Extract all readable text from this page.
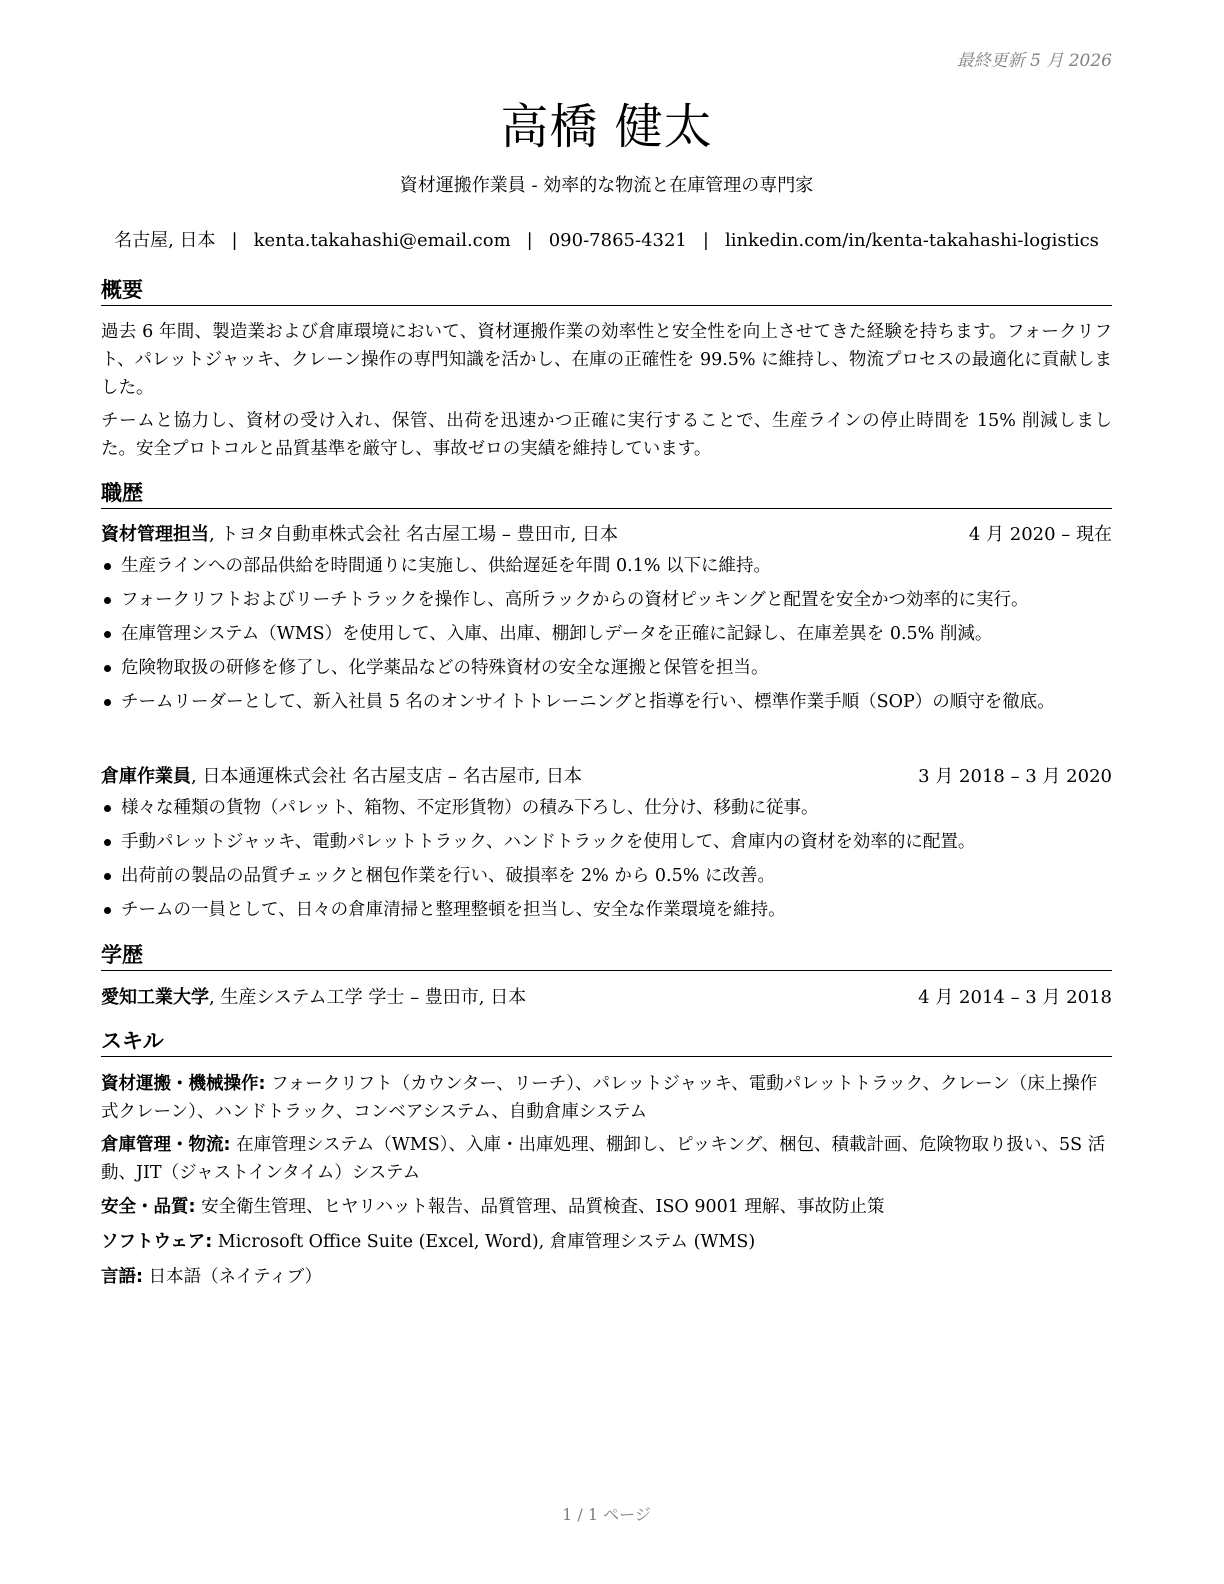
最終更新 5 月 2026
高橋 健太
資材運搬作業員 - 効率的な物流と在庫管理の専門家
名古屋, 日本 | kenta.takahashi@email.com | 090-7865-4321 | linkedin.com/in/kenta-takahashi-logistics
概要
過去 6 年間、製造業および倉庫環境において、資材運搬作業の効率性と安全性を向上させてきた経験を持ちます。フォークリフト、パレットジャッキ、クレーン操作の専門知識を活かし、在庫の正確性を 99.5% に維持し、物流プロセスの最適化に貢献しました。
チームと協力し、資材の受け入れ、保管、出荷を迅速かつ正確に実行することで、生産ラインの停止時間を 15% 削減しました。安全プロトコルと品質基準を厳守し、事故ゼロの実績を維持しています。
職歴
資材管理担当, トヨタ自動車株式会社 名古屋工場 – 豊田市, 日本	4 月 2020 – 現在
生産ラインへの部品供給を時間通りに実施し、供給遅延を年間 0.1% 以下に維持。
フォークリフトおよびリーチトラックを操作し、高所ラックからの資材ピッキングと配置を安全かつ効率的に実行。
在庫管理システム（WMS）を使用して、入庫、出庫、棚卸しデータを正確に記録し、在庫差異を 0.5% 削減。
危険物取扱の研修を修了し、化学薬品などの特殊資材の安全な運搬と保管を担当。
チームリーダーとして、新入社員 5 名のオンサイトトレーニングと指導を行い、標準作業手順（SOP）の順守を徹底。
倉庫作業員, 日本通運株式会社 名古屋支店 – 名古屋市, 日本	3 月 2018 – 3 月 2020
様々な種類の貨物（パレット、箱物、不定形貨物）の積み下ろし、仕分け、移動に従事。
手動パレットジャッキ、電動パレットトラック、ハンドトラックを使用して、倉庫内の資材を効率的に配置。
出荷前の製品の品質チェックと梱包作業を行い、破損率を 2% から 0.5% に改善。
チームの一員として、日々の倉庫清掃と整理整頓を担当し、安全な作業環境を維持。
学歴
愛知工業大学, 生産システム工学 学士 – 豊田市, 日本	4 月 2014 – 3 月 2018
スキル
資材運搬・機械操作: フォークリフト（カウンター、リーチ）、パレットジャッキ、電動パレットトラック、クレーン（床上操作式クレーン）、ハンドトラック、コンベアシステム、自動倉庫システム
倉庫管理・物流: 在庫管理システム（WMS）、入庫・出庫処理、棚卸し、ピッキング、梱包、積載計画、危険物取り扱い、5S 活動、JIT（ジャストインタイム）システム
安全・品質: 安全衛生管理、ヒヤリハット報告、品質管理、品質検査、ISO 9001 理解、事故防止策
ソフトウェア: Microsoft Office Suite (Excel, Word), 倉庫管理システム (WMS)
言語: 日本語（ネイティブ）
1 / 1 ページ
